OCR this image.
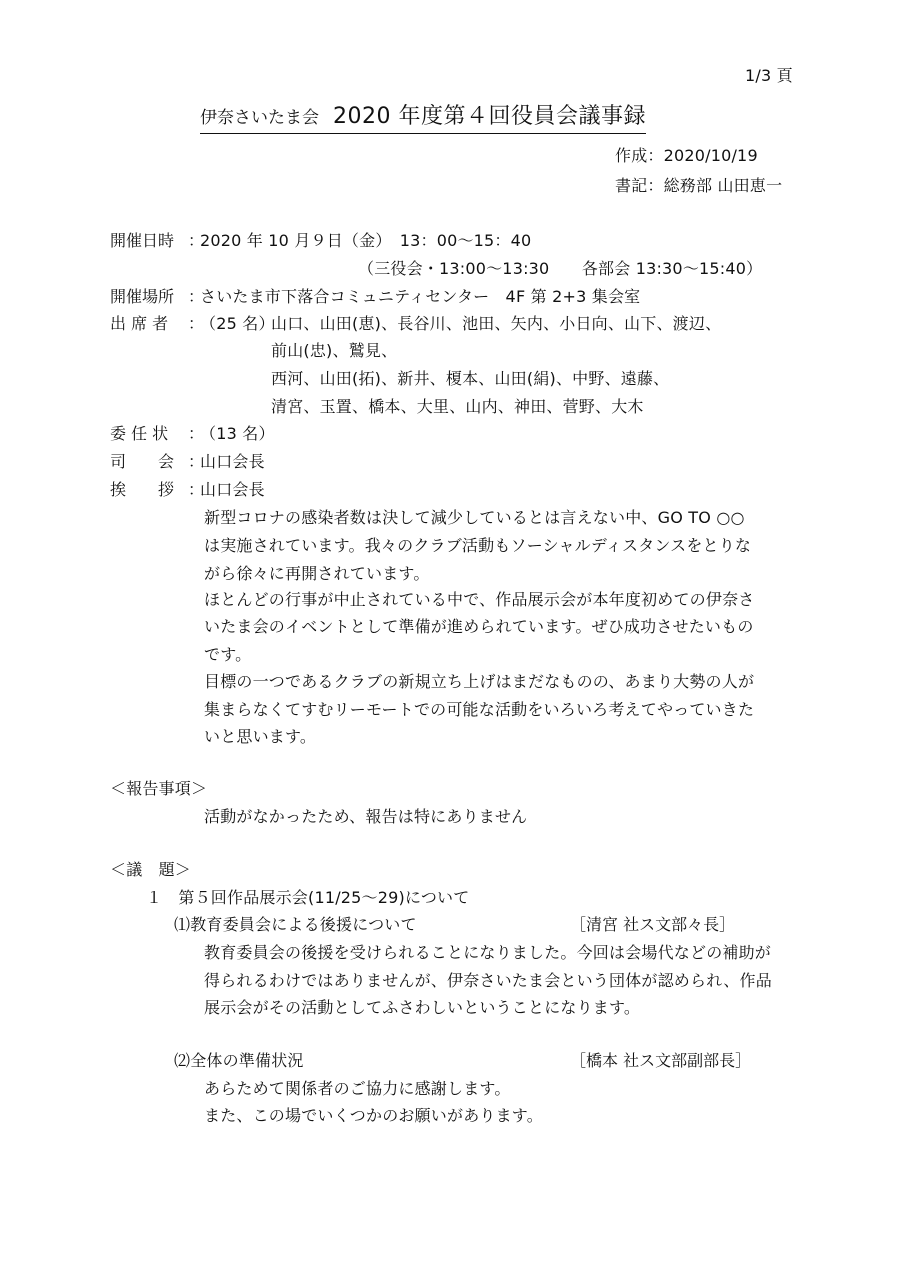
1/3 頁
伊奈さいたま会 2020 年度第４回役員会議事録
作成：2020/10/19
書記：総務部 山田恵一
開催日時 ：2020 年 10 月９日（金）　13：00～15：40
（三役会・13:00～13:30　　各部会 13:30～15:40）
開催場所 ：さいたま市下落合コミュニティセンター　4F 第 2+3 集会室
出 席 者 ：（25 名）
山口、山田(恵)、長谷川、池田、矢内、小日向、山下、渡辺、
前山(忠)、鷲見、
西河、山田(拓)、新井、榎本、山田(絹)、中野、遠藤、
清宮、玉置、橋本、大里、山内、神田、菅野、大木
委 任 状 ：（13 名）
司　　会 ：山口会長
挨　　拶 ：山口会長
新型コロナの感染者数は決して減少しているとは言えない中、GO TO ○○
は実施されています。我々のクラブ活動もソーシャルディスタンスをとりな
がら徐々に再開されています。
ほとんどの行事が中止されている中で、作品展示会が本年度初めての伊奈さ
いたま会のイベントとして準備が進められています。ぜひ成功させたいもの
です。
目標の一つであるクラブの新規立ち上げはまだなものの、あまり大勢の人が
集まらなくてすむリーモートでの可能な活動をいろいろ考えてやっていきた
いと思います。
＜報告事項＞
活動がなかったため、報告は特にありません
＜議　題＞
１　第５回作品展示会(11/25～29)について
⑴教育委員会による後援について	［清宮 社ス文部々長］
教育委員会の後援を受けられることになりました。今回は会場代などの補助が
得られるわけではありませんが、伊奈さいたま会という団体が認められ、作品
展示会がその活動としてふさわしいということになります。
⑵全体の準備状況	［橋本 社ス文部副部長］
あらためて関係者のご協力に感謝します。
また、この場でいくつかのお願いがあります。
